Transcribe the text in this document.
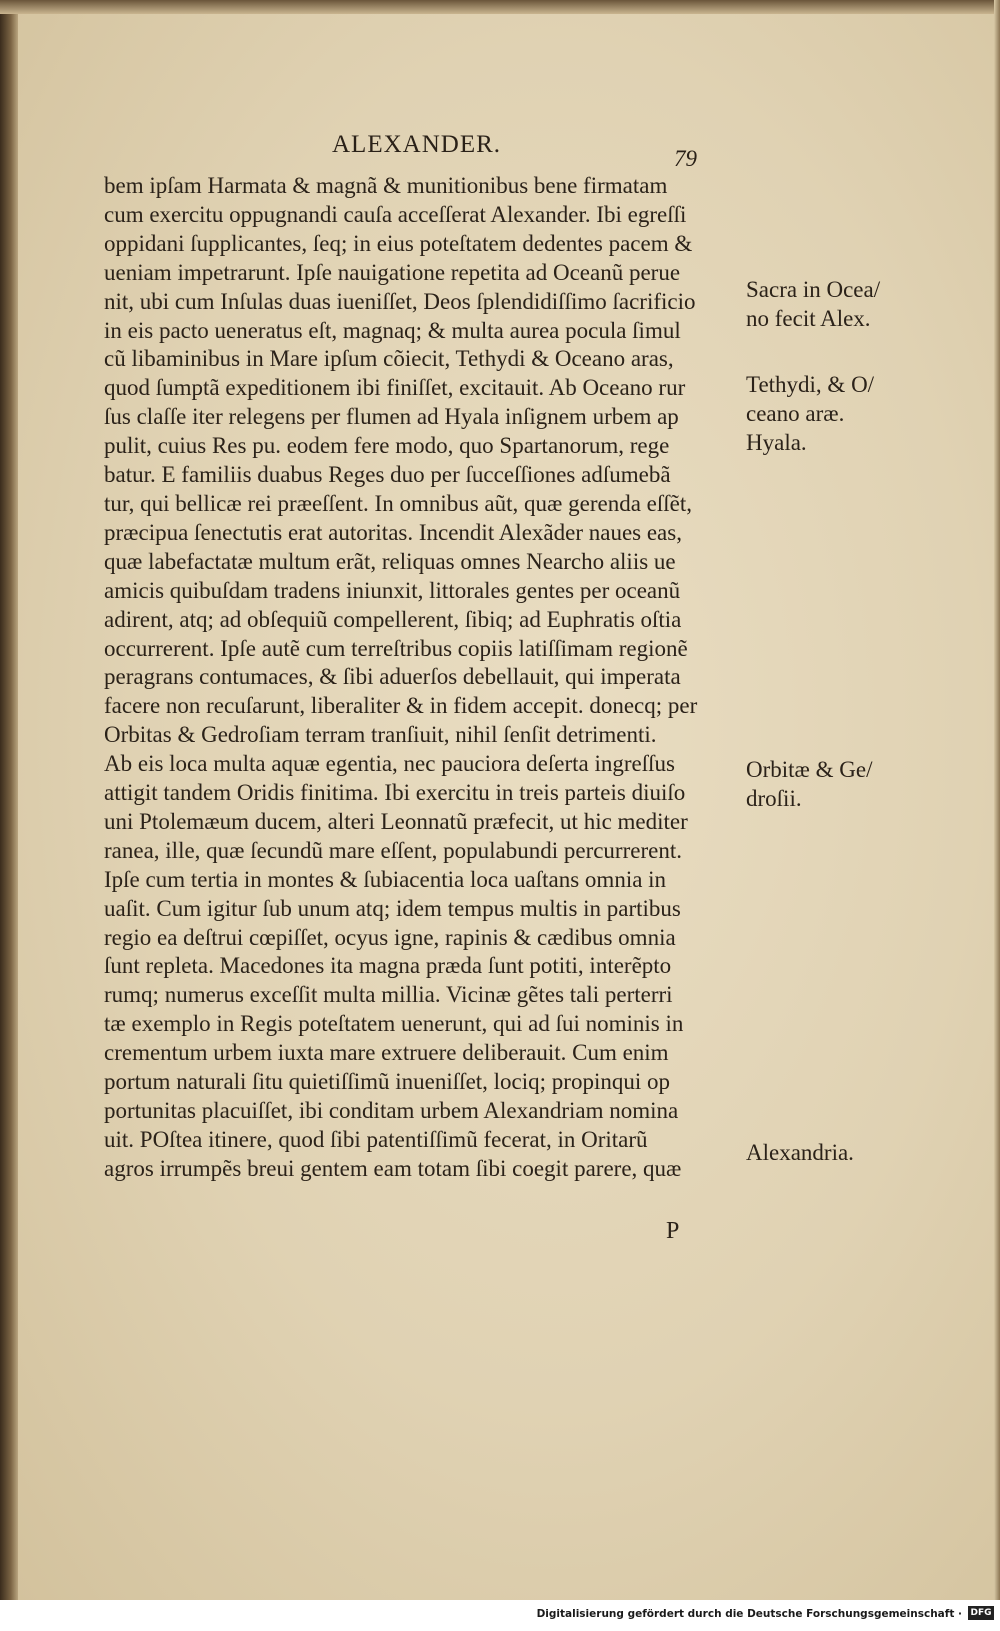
ALEXANDER.
79
bem ipſam Harmata & magnã & munitionibus bene firmatam
cum exercitu oppugnandi cauſa acceſſerat Alexander. Ibi egreſſi
oppidani ſupplicantes, ſeq; in eius poteſtatem dedentes pacem &
ueniam impetrarunt. Ipſe nauigatione repetita ad Oceanũ perue
nit, ubi cum Inſulas duas iueniſſet, Deos ſplendidiſſimo ſacrificio
in eis pacto ueneratus eſt, magnaq; & multa aurea pocula ſimul
cũ libaminibus in Mare ipſum cõiecit, Tethydi & Oceano aras,
quod ſumptã expeditionem ibi finiſſet, excitauit. Ab Oceano rur
ſus claſſe iter relegens per flumen ad Hyala inſignem urbem ap
pulit, cuius Res pu. eodem fere modo, quo Spartanorum, rege
batur. E familiis duabus Reges duo per ſucceſſiones adſumebã
tur, qui bellicæ rei præeſſent. In omnibus aũt, quæ gerenda eſſẽt,
præcipua ſenectutis erat autoritas. Incendit Alexãder naues eas,
quæ labefactatæ multum erãt, reliquas omnes Nearcho aliis ue
amicis quibuſdam tradens iniunxit, littorales gentes per oceanũ
adirent, atq; ad obſequiũ compellerent, ſibiq; ad Euphratis oſtia
occurrerent. Ipſe autẽ cum terreſtribus copiis latiſſimam regionẽ
peragrans contumaces, & ſibi aduerſos debellauit, qui imperata
facere non recuſarunt, liberaliter & in fidem accepit. donecq; per
Orbitas & Gedroſiam terram tranſiuit, nihil ſenſit detrimenti.
Ab eis loca multa aquæ egentia, nec pauciora deſerta ingreſſus
attigit tandem Oridis finitima. Ibi exercitu in treis parteis diuiſo
uni Ptolemæum ducem, alteri Leonnatũ præfecit, ut hic mediter
ranea, ille, quæ ſecundũ mare eſſent, populabundi percurrerent.
Ipſe cum tertia in montes & ſubiacentia loca uaſtans omnia in
uaſit. Cum igitur ſub unum atq; idem tempus multis in partibus
regio ea deſtrui cœpiſſet, ocyus igne, rapinis & cædibus omnia
ſunt repleta. Macedones ita magna præda ſunt potiti, interẽpto
rumq; numerus exceſſit multa millia. Vicinæ gẽtes tali perterri
tæ exemplo in Regis poteſtatem uenerunt, qui ad ſui nominis in
crementum urbem iuxta mare extruere deliberauit. Cum enim
portum naturali ſitu quietiſſimũ inueniſſet, lociq; propinqui op
portunitas placuiſſet, ibi conditam urbem Alexandriam nomina
uit. POſtea itinere, quod ſibi patentiſſimũ fecerat, in Oritarũ
agros irrumpẽs breui gentem eam totam ſibi coegit parere, quæ
P
Sacra in Ocea/
no fecit Alex.
Tethydi, & O/
ceano aræ.
Hyala.
Orbitæ & Ge/
droſii.
Alexandria.
Digitalisierung gefördert durch die Deutsche Forschungsgemeinschaft · DFG
